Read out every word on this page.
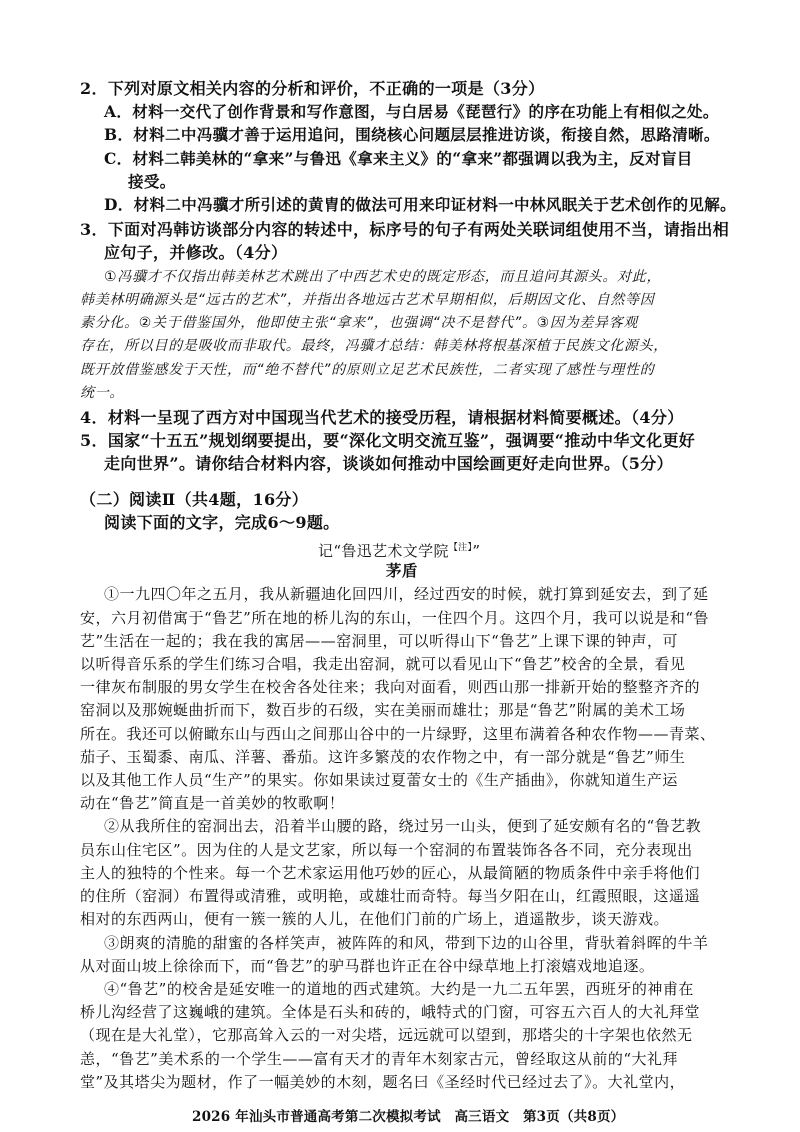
2．下列对原文相关内容的分析和评价，不正确的一项是（3分）
A．材料一交代了创作背景和写作意图，与白居易《琵琶行》的序在功能上有相似之处。
B．材料二中冯骥才善于运用追问，围绕核心问题层层推进访谈，衔接自然，思路清晰。
C．材料二韩美林的“拿来”与鲁迅《拿来主义》的“拿来”都强调以我为主，反对盲目
接受。
D．材料二中冯骥才所引述的黄胄的做法可用来印证材料一中林风眠关于艺术创作的见解。
3．下面对冯韩访谈部分内容的转述中，标序号的句子有两处关联词组使用不当，请指出相
应句子，并修改。（4分）
①冯骥才不仅指出韩美林艺术跳出了中西艺术史的既定形态，而且追问其源头。对此，
韩美林明确源头是“远古的艺术”，并指出各地远古艺术早期相似，后期因文化、自然等因
素分化。②关于借鉴国外，他即使主张“拿来”，也强调“决不是替代”。③因为差异客观
存在，所以目的是吸收而非取代。最终，冯骥才总结：韩美林将根基深植于民族文化源头，
既开放借鉴感发于天性，而“绝不替代”的原则立足艺术民族性，二者实现了感性与理性的
统一。
4．材料一呈现了西方对中国现当代艺术的接受历程，请根据材料简要概述。（4分）
5．国家“十五五”规划纲要提出，要“深化文明交流互鉴”，强调要“推动中华文化更好
走向世界”。请你结合材料内容，谈谈如何推动中国绘画更好走向世界。（5分）
（二）阅读Ⅱ（共4题，16分）
阅读下面的文字，完成6～9题。
记“鲁迅艺术文学院$^{【注】}$”
茅盾
①一九四〇年之五月，我从新疆迪化回四川，经过西安的时候，就打算到延安去，到了延
安，六月初借寓于“鲁艺”所在地的桥儿沟的东山，一住四个月。这四个月，我可以说是和“鲁
艺”生活在一起的；我在我的寓居——窑洞里，可以听得山下“鲁艺”上课下课的钟声，可
以听得音乐系的学生们练习合唱，我走出窑洞，就可以看见山下“鲁艺”校舍的全景，看见
一律灰布制服的男女学生在校舍各处往来；我向对面看，则西山那一排新开始的整整齐齐的
窑洞以及那婉蜒曲折而下，数百步的石级，实在美丽而雄壮；那是“鲁艺”附属的美术工场
所在。我还可以俯瞰东山与西山之间那山谷中的一片绿野，这里布满着各种农作物——青菜、
茄子、玉蜀黍、南瓜、洋薯、番茄。这许多繁茂的农作物之中，有一部分就是“鲁艺”师生
以及其他工作人员“生产”的果实。你如果读过夏蕾女士的《生产插曲》，你就知道生产运
动在“鲁艺”简直是一首美妙的牧歌啊！
②从我所住的窑洞出去，沿着半山腰的路，绕过另一山头，便到了延安颇有名的“鲁艺教
员东山住宅区”。因为住的人是文艺家，所以每一个窑洞的布置装饰各各不同，充分表现出
主人的独特的个性来。每一个艺术家运用他巧妙的匠心，从最简陋的物质条件中亲手将他们
的住所（窑洞）布置得或清雅，或明艳，或雄壮而奇特。每当夕阳在山，红霞照眼，这遥遥
相对的东西两山，便有一簇一簇的人儿，在他们门前的广场上，逍遥散步，谈天游戏。
③朗爽的清脆的甜蜜的各样笑声，被阵阵的和风，带到下边的山谷里，背驮着斜晖的牛羊
从对面山坡上徐徐而下，而“鲁艺”的驴马群也许正在谷中绿草地上打滚嬉戏地追逐。
④“鲁艺”的校舍是延安唯一的道地的西式建筑。大约是一九二五年罢，西班牙的神甫在
桥儿沟经营了这巍峨的建筑。全体是石头和砖的，峨特式的门窗，可容五六百人的大礼拜堂
（现在是大礼堂），它那高耸入云的一对尖塔，远远就可以望到，那塔尖的十字架也依然无
恙，“鲁艺”美术系的一个学生——富有天才的青年木刻家古元，曾经取这从前的“大礼拜
堂”及其塔尖为题材，作了一幅美妙的木刻，题名曰《圣经时代已经过去了》。大礼堂内，
2026 年汕头市普通高考第二次模拟考试　高三语文　第3页（共8页）
